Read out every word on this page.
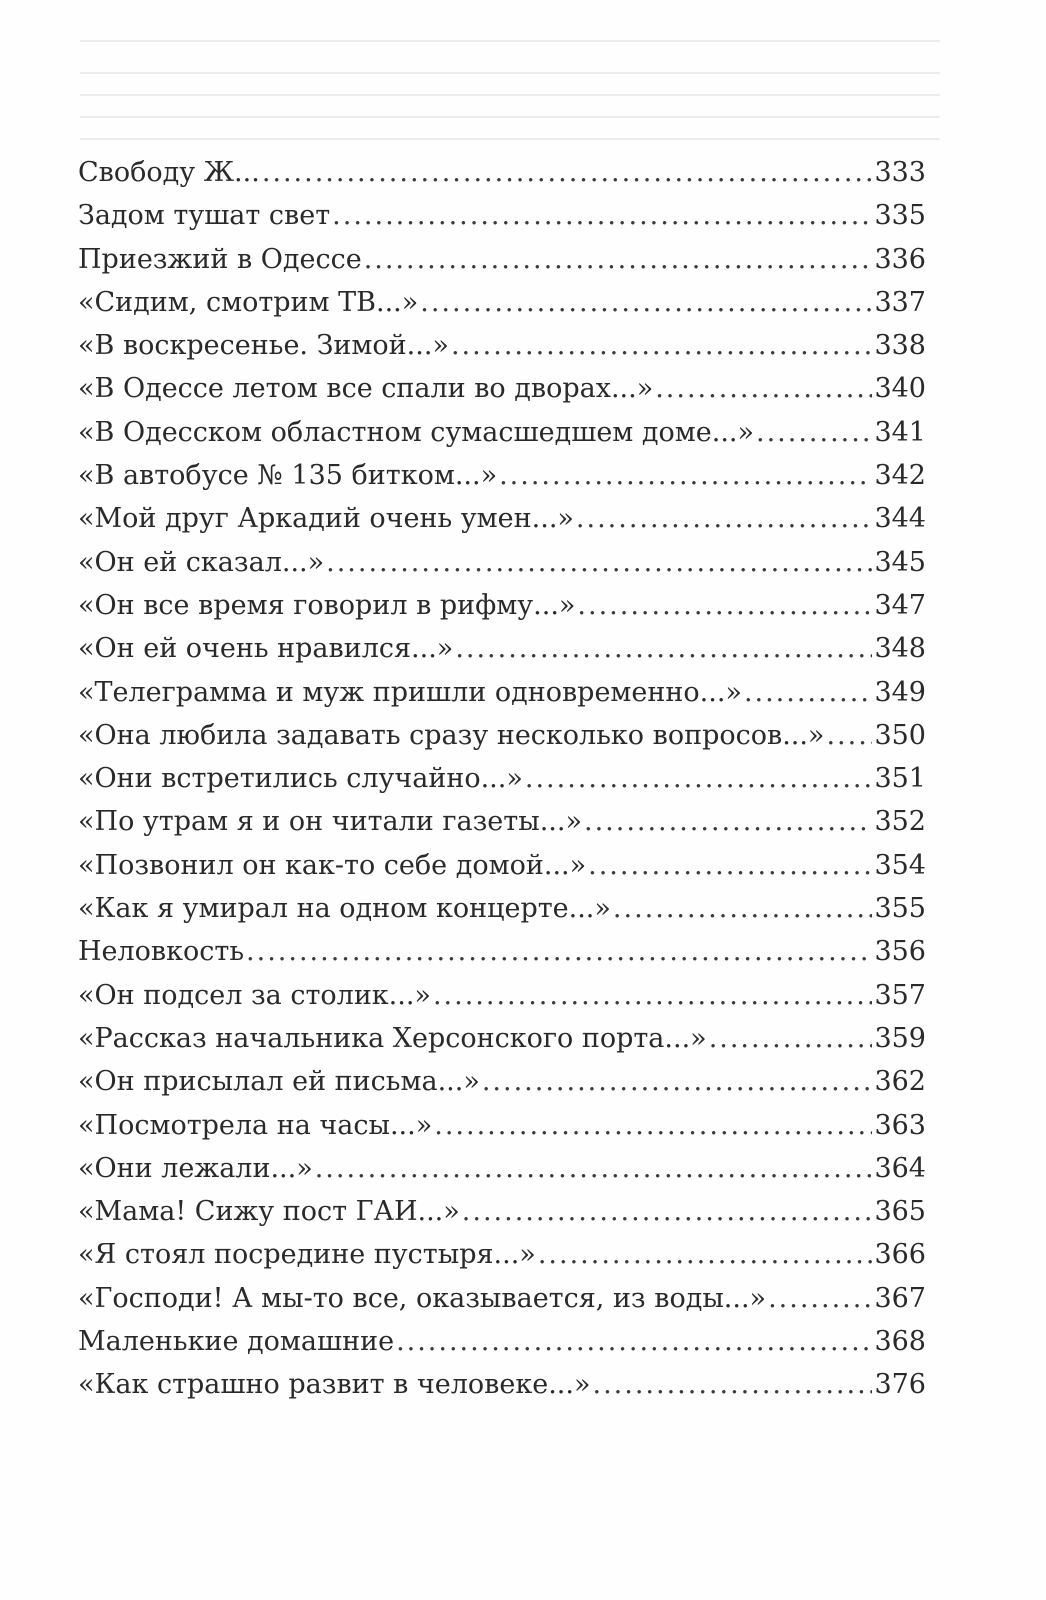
Свободу Ж... .....	333
Задом тушат свет .....	335
Приезжий в Одессе .....	336
«Сидим, смотрим ТВ...» .....	337
«В воскресенье. Зимой...» .....	338
«В Одессе летом все спали во дворах...» .....	340
«В Одесском областном сумасшедшем доме...» .....	341
«В автобусе № 135 битком...» .....	342
«Мой друг Аркадий очень умен...» .....	344
«Он ей сказал...» .....	345
«Он все время говорил в рифму...» .....	347
«Он ей очень нравился...» .....	348
«Телеграмма и муж пришли одновременно...» .....	349
«Она любила задавать сразу несколько вопросов...» ..... 350
«Они встретились случайно...» .....	351
«По утрам я и он читали газеты...» .....	352
«Позвонил он как-то себе домой...» .....	354
«Как я умирал на одном концерте...» .....	355
Неловкость .....	356
«Он подсел за столик...» .....	357
«Рассказ начальника Херсонского порта...» .....	359
«Он присылал ей письма...» .....	362
«Посмотрела на часы...» .....	363
«Они лежали...» .....	364
«Мама! Сижу пост ГАИ...» .....	365
«Я стоял посредине пустыря...» .....	366
«Господи! А мы-то все, оказывается, из воды...» .....	367
Маленькие домашние .....	368
«Как страшно развит в человеке...» .....	376
